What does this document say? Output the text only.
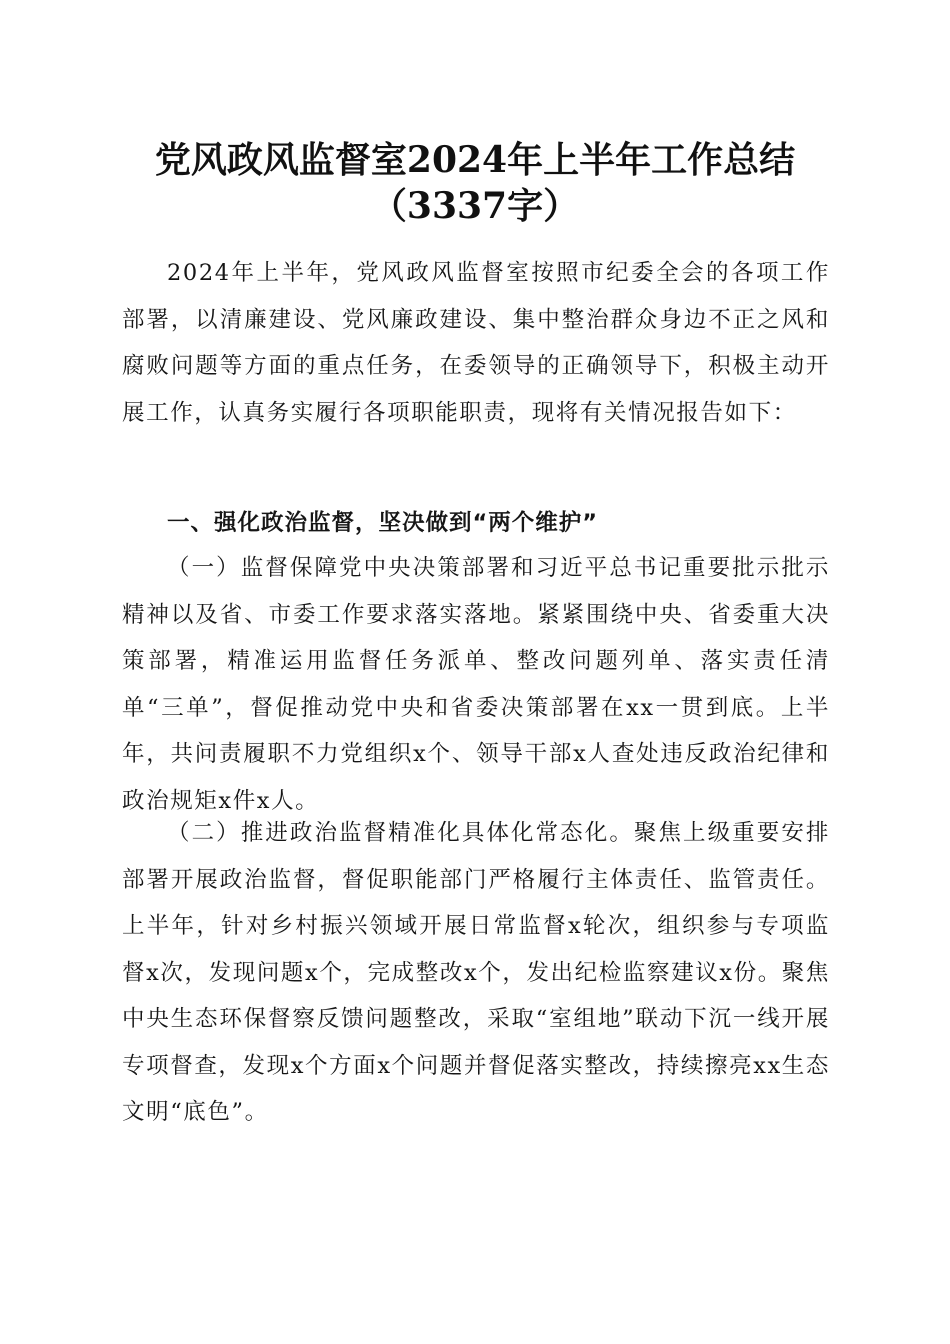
党风政风监督室2024年上半年工作总结
（3337字）

2024年上半年，党风政风监督室按照市纪委全会的各项工作部署，以清廉建设、党风廉政建设、集中整治群众身边不正之风和腐败问题等方面的重点任务，在委领导的正确领导下，积极主动开展工作，认真务实履行各项职能职责，现将有关情况报告如下：

一、强化政治监督，坚决做到“两个维护”

（一）监督保障党中央决策部署和习近平总书记重要批示批示精神以及省、市委工作要求落实落地。紧紧围绕中央、省委重大决策部署，精准运用监督任务派单、整改问题列单、落实责任清单“三单”，督促推动党中央和省委决策部署在xx一贯到底。上半年，共问责履职不力党组织x个、领导干部x人查处违反政治纪律和政治规矩x件x人。

（二）推进政治监督精准化具体化常态化。聚焦上级重要安排部署开展政治监督，督促职能部门严格履行主体责任、监管责任。上半年，针对乡村振兴领域开展日常监督x轮次，组织参与专项监督x次，发现问题x个，完成整改x个，发出纪检监察建议x份。聚焦中央生态环保督察反馈问题整改，采取“室组地”联动下沉一线开展专项督查，发现x个方面x个问题并督促落实整改，持续擦亮xx生态文明“底色”。
